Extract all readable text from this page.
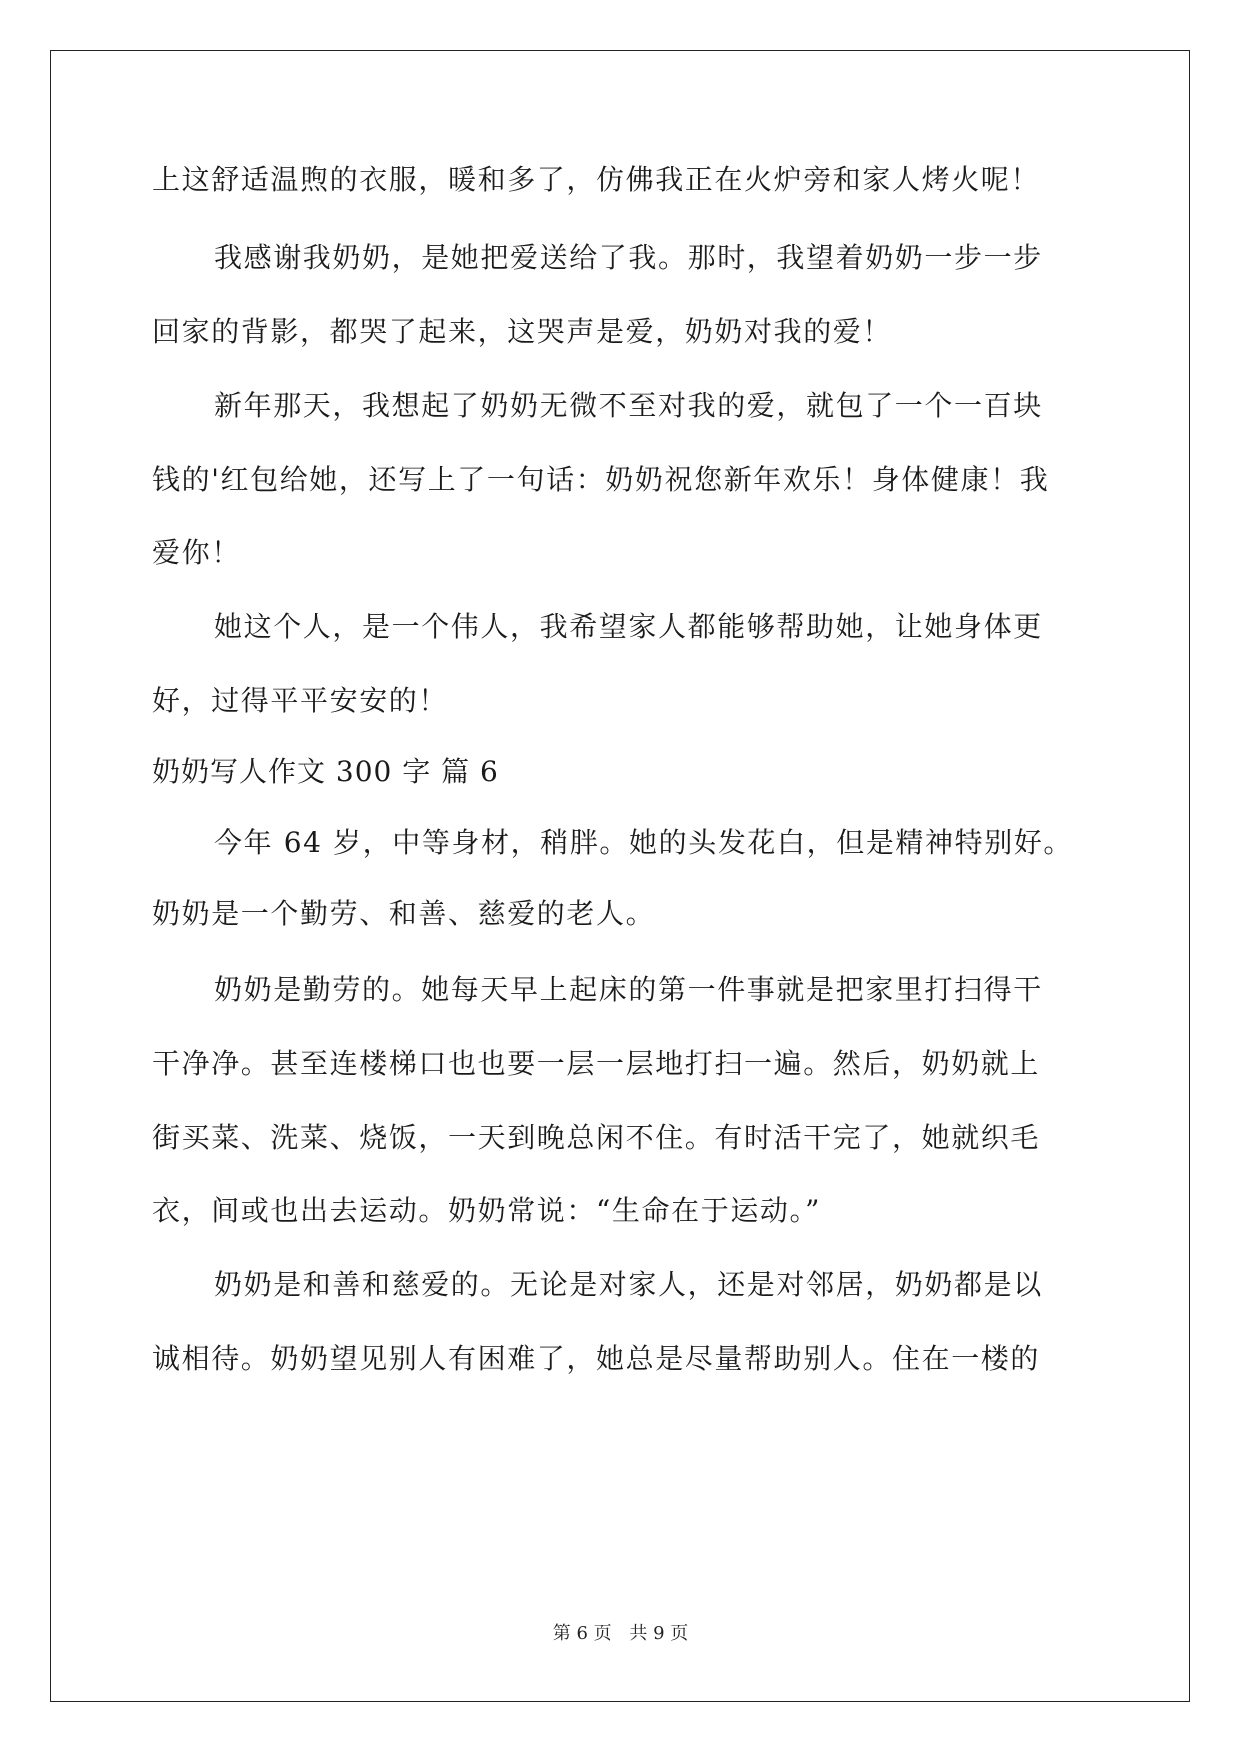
上这舒适温煦的衣服，暖和多了，仿佛我正在火炉旁和家人烤火呢！
我感谢我奶奶，是她把爱送给了我。那时，我望着奶奶一步一步
回家的背影，都哭了起来，这哭声是爱，奶奶对我的爱！
新年那天，我想起了奶奶无微不至对我的爱，就包了一个一百块
钱的'红包给她，还写上了一句话：奶奶祝您新年欢乐！身体健康！我
爱你！
她这个人，是一个伟人，我希望家人都能够帮助她，让她身体更
好，过得平平安安的！
奶奶写人作文 300 字 篇 6
今年 64 岁，中等身材，稍胖。她的头发花白，但是精神特别好。
奶奶是一个勤劳、和善、慈爱的老人。
奶奶是勤劳的。她每天早上起床的第一件事就是把家里打扫得干
干净净。甚至连楼梯口也也要一层一层地打扫一遍。然后，奶奶就上
街买菜、洗菜、烧饭，一天到晚总闲不住。有时活干完了，她就织毛
衣，间或也出去运动。奶奶常说：“生命在于运动。”
奶奶是和善和慈爱的。无论是对家人，还是对邻居，奶奶都是以
诚相待。奶奶望见别人有困难了，她总是尽量帮助别人。住在一楼的
第 6 页 共 9 页
